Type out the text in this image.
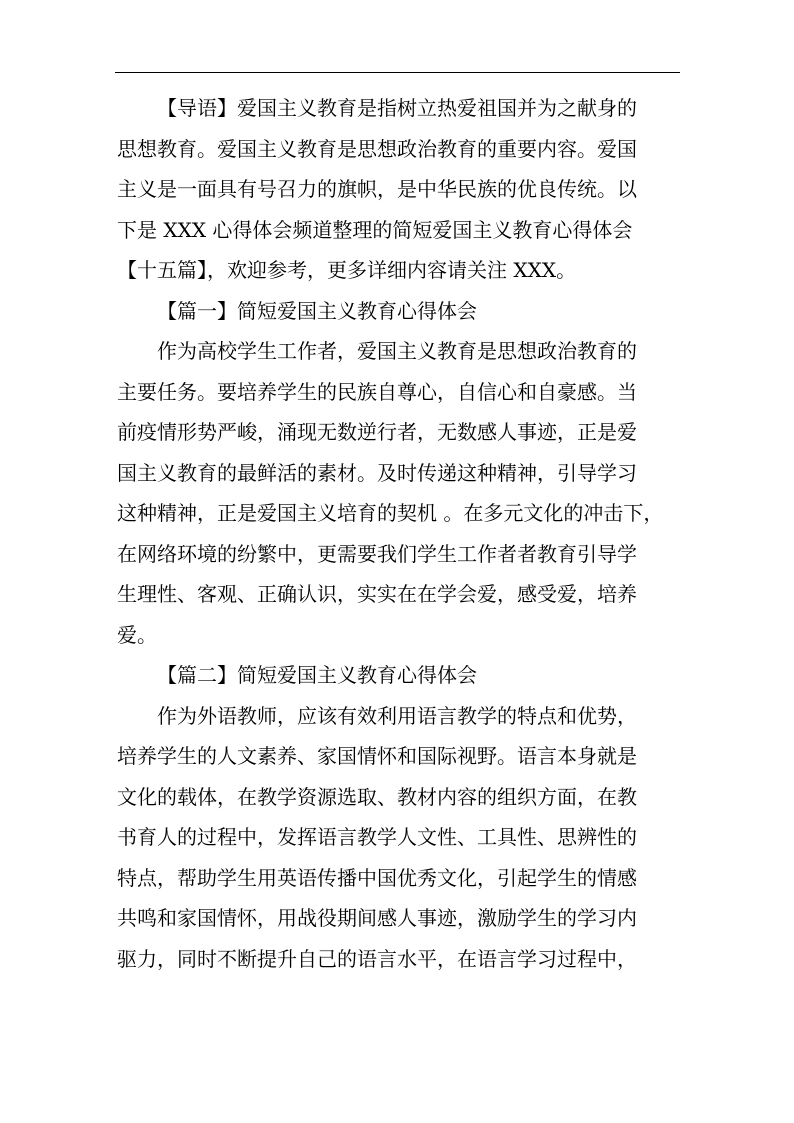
【导语】爱国主义教育是指树立热爱祖国并为之献身的
思想教育。爱国主义教育是思想政治教育的重要内容。爱国
主义是一面具有号召力的旗帜，是中华民族的优良传统。以
下是 XXX 心得体会频道整理的简短爱国主义教育心得体会
【十五篇】，欢迎参考，更多详细内容请关注 XXX。
【篇一】简短爱国主义教育心得体会
作为高校学生工作者，爱国主义教育是思想政治教育的
主要任务。要培养学生的民族自尊心，自信心和自豪感。当
前疫情形势严峻，涌现无数逆行者，无数感人事迹，正是爱
国主义教育的最鲜活的素材。及时传递这种精神，引导学习
这种精神，正是爱国主义培育的契机 。在多元文化的冲击下，
在网络环境的纷繁中，更需要我们学生工作者者教育引导学
生理性、客观、正确认识，实实在在学会爱，感受爱，培养
爱。
【篇二】简短爱国主义教育心得体会
作为外语教师，应该有效利用语言教学的特点和优势，
培养学生的人文素养、家国情怀和国际视野。语言本身就是
文化的载体，在教学资源选取、教材内容的组织方面，在教
书育人的过程中，发挥语言教学人文性、工具性、思辨性的
特点，帮助学生用英语传播中国优秀文化，引起学生的情感
共鸣和家国情怀，用战役期间感人事迹，激励学生的学习内
驱力，同时不断提升自己的语言水平，在语言学习过程中，
